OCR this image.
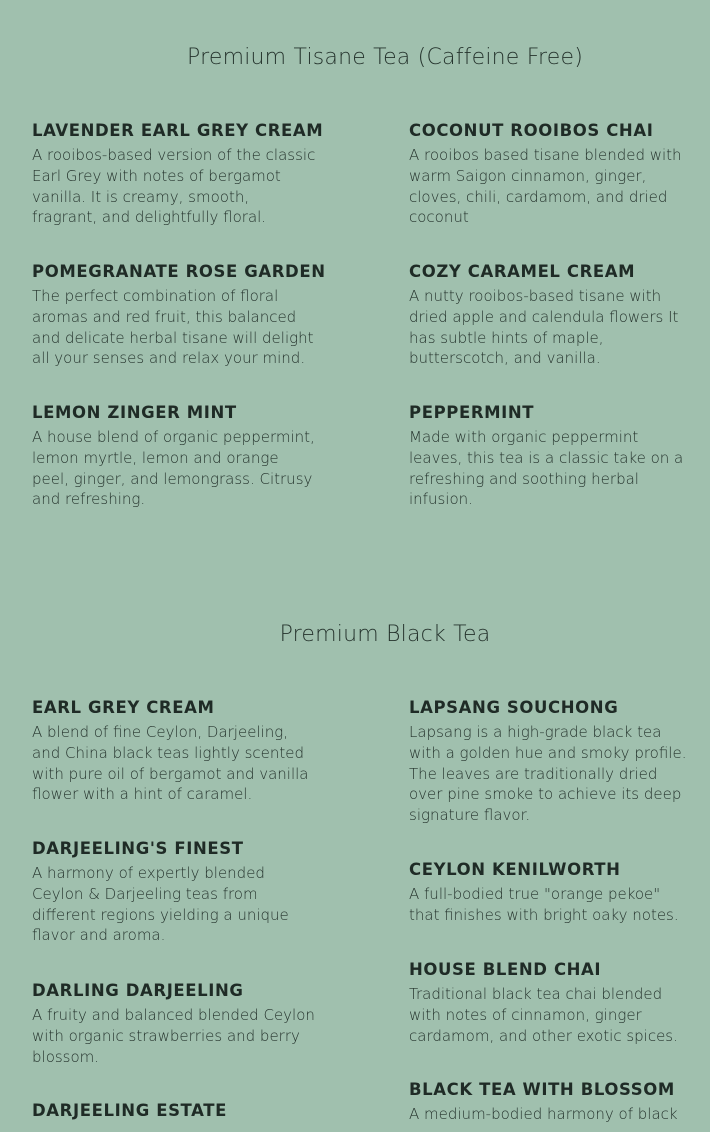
Premium Tisane Tea (Caffeine Free)
LAVENDER EARL GREY CREAM

A rooibos-based version of the classic Earl Grey with notes of bergamot vanilla. It is creamy, smooth, fragrant, and delightfully floral.

POMEGRANATE ROSE GARDEN

The perfect combination of floral aromas and red fruit, this balanced and delicate herbal tisane will delight all your senses and relax your mind.

LEMON ZINGER MINT

A house blend of organic peppermint, lemon myrtle, lemon and orange peel, ginger, and lemongrass. Citrusy and refreshing.

COCONUT ROOIBOS CHAI

A rooibos based tisane blended with warm Saigon cinnamon, ginger, cloves, chili, cardamom, and dried coconut

COZY CARAMEL CREAM

A nutty rooibos-based tisane with dried apple and calendula flowers It has subtle hints of maple, butterscotch, and vanilla.

PEPPERMINT

Made with organic peppermint leaves, this tea is a classic take on a refreshing and soothing herbal infusion.

Premium Black Tea
EARL GREY CREAM

A blend of fine Ceylon, Darjeeling, and China black teas lightly scented with pure oil of bergamot and vanilla flower with a hint of caramel.

DARJEELING'S FINEST

A harmony of expertly blended Ceylon & Darjeeling teas from different regions yielding a unique flavor and aroma.

DARLING DARJEELING

A fruity and balanced blended Ceylon with organic strawberries and berry blossom.

DARJEELING ESTATE

LAPSANG SOUCHONG

Lapsang is a high-grade black tea with a golden hue and smoky profile. The leaves are traditionally dried over pine smoke to achieve its deep signature flavor.

CEYLON KENILWORTH

A full-bodied true "orange pekoe" that finishes with bright oaky notes.

HOUSE BLEND CHAI

Traditional black tea chai blended with notes of cinnamon, ginger cardamom, and other exotic spices.

BLACK TEA WITH BLOSSOM

A medium-bodied harmony of black
